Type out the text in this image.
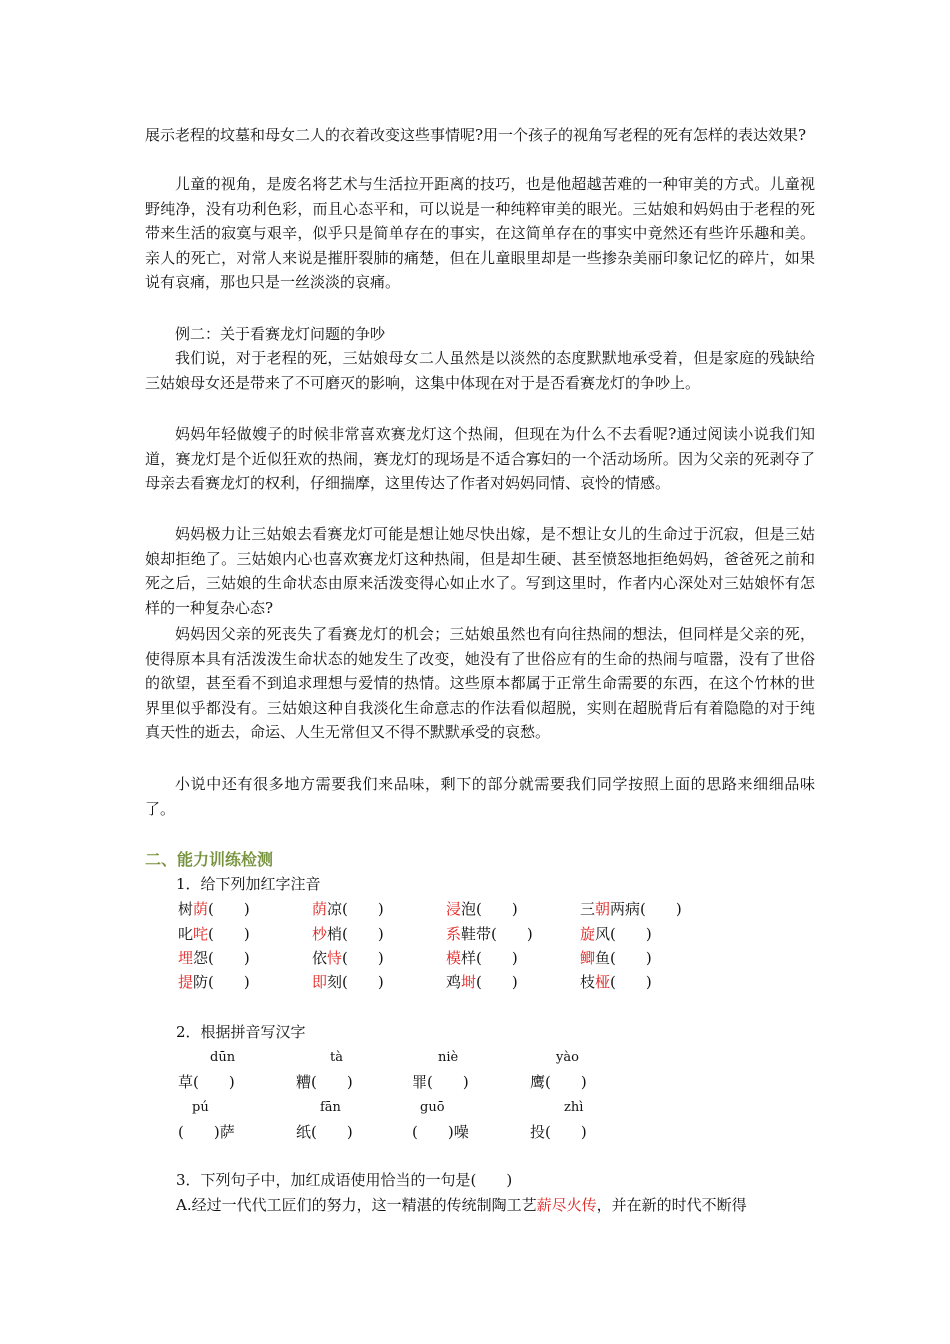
展示老程的坟墓和母女二人的衣着改变这些事情呢?用一个孩子的视角写老程的死有怎样的表达效果?

儿童的视角，是废名将艺术与生活拉开距离的技巧，也是他超越苦难的一种审美的方式。儿童视野纯净，没有功利色彩，而且心态平和，可以说是一种纯粹审美的眼光。三姑娘和妈妈由于老程的死带来生活的寂寞与艰辛，似乎只是简单存在的事实，在这简单存在的事实中竟然还有些许乐趣和美。亲人的死亡，对常人来说是摧肝裂肺的痛楚，但在儿童眼里却是一些掺杂美丽印象记忆的碎片，如果说有哀痛，那也只是一丝淡淡的哀痛。

例二：关于看赛龙灯问题的争吵

我们说，对于老程的死，三姑娘母女二人虽然是以淡然的态度默默地承受着，但是家庭的残缺给三姑娘母女还是带来了不可磨灭的影响，这集中体现在对于是否看赛龙灯的争吵上。

妈妈年轻做嫂子的时候非常喜欢赛龙灯这个热闹，但现在为什么不去看呢?通过阅读小说我们知道，赛龙灯是个近似狂欢的热闹，赛龙灯的现场是不适合寡妇的一个活动场所。因为父亲的死剥夺了母亲去看赛龙灯的权利，仔细揣摩，这里传达了作者对妈妈同情、哀怜的情感。

妈妈极力让三姑娘去看赛龙灯可能是想让她尽快出嫁，是不想让女儿的生命过于沉寂，但是三姑娘却拒绝了。三姑娘内心也喜欢赛龙灯这种热闹，但是却生硬、甚至愤怒地拒绝妈妈，爸爸死之前和死之后，三姑娘的生命状态由原来活泼变得心如止水了。写到这里时，作者内心深处对三姑娘怀有怎样的一种复杂心态?

妈妈因父亲的死丧失了看赛龙灯的机会；三姑娘虽然也有向往热闹的想法，但同样是父亲的死，使得原本具有活泼泼生命状态的她发生了改变，她没有了世俗应有的生命的热闹与喧嚣，没有了世俗的欲望，甚至看不到追求理想与爱情的热情。这些原本都属于正常生命需要的东西，在这个竹林的世界里似乎都没有。三姑娘这种自我淡化生命意志的作法看似超脱，实则在超脱背后有着隐隐的对于纯真天性的逝去，命运、人生无常但又不得不默默承受的哀愁。

小说中还有很多地方需要我们来品味，剩下的部分就需要我们同学按照上面的思路来细细品味了。

二、能力训练检测
1．给下列加红字注音
树荫(　　)	荫凉(　　)	浸泡(　　)	三朝两病(　　)
叱咤(　　)	杪梢(　　)	系鞋带(　　)	旋风(　　)
埋怨(　　)	依恃(　　)	模样(　　)	鲫鱼(　　)
提防(　　)	即刻(　　)	鸡埘(　　)	枝桠(　　)
2．根据拼音写汉字
dūn	tà	niè	yào
草(　　)	糟(　　)	罪(　　)	鹰(　　)
pú	fān	guō	zhì
(　　)萨	纸(　　)	(　　)噪	投(　　)
3．下列句子中，加红成语使用恰当的一句是(　　)
A.经过一代代工匠们的努力，这一精湛的传统制陶工艺薪尽火传，并在新的时代不断得
